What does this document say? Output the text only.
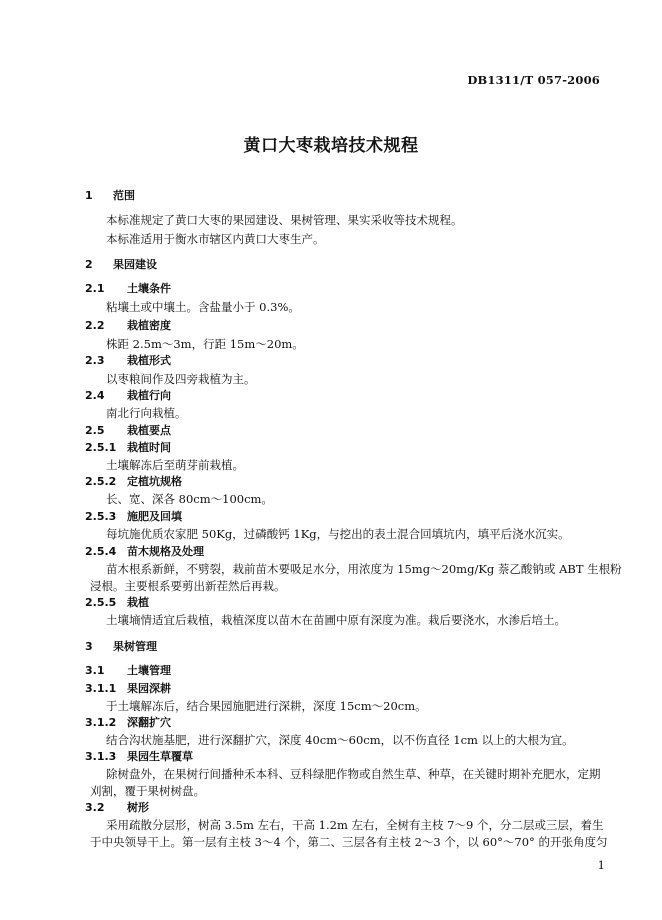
DB1311/T 057-2006
黄口大枣栽培技术规程
1 范围
本标准规定了黄口大枣的果园建设、果树管理、果实采收等技术规程。
本标准适用于衡水市辖区内黄口大枣生产。
2 果园建设
2.1 土壤条件
粘壤土或中壤土。含盐量小于 0.3%。
2.2 栽植密度
株距 2.5m～3m，行距 15m～20m。
2.3 栽植形式
以枣粮间作及四旁栽植为主。
2.4 栽植行向
南北行向栽植。
2.5 栽植要点
2.5.1 栽植时间
土壤解冻后至萌芽前栽植。
2.5.2 定植坑规格
长、宽、深各 80cm～100cm。
2.5.3 施肥及回填
每坑施优质农家肥 50Kg，过磷酸钙 1Kg，与挖出的表土混合回填坑内，填平后浇水沉实。
2.5.4 苗木规格及处理
苗木根系新鲜，不劈裂，栽前苗木要吸足水分，用浓度为 15mg～20mg/Kg 萘乙酸钠或 ABT 生根粉
浸根。主要根系要剪出新茬然后再栽。
2.5.5 栽植
土壤墒情适宜后栽植，栽植深度以苗木在苗圃中原有深度为准。栽后要浇水，水渗后培土。
3 果树管理
3.1 土壤管理
3.1.1 果园深耕
于土壤解冻后，结合果园施肥进行深耕，深度 15cm～20cm。
3.1.2 深翻扩穴
结合沟状施基肥，进行深翻扩穴，深度 40cm～60cm，以不伤直径 1cm 以上的大根为宜。
3.1.3 果园生草覆草
除树盘外，在果树行间播种禾本科、豆科绿肥作物或自然生草、种草，在关键时期补充肥水，定期
刈割，覆于果树树盘。
3.2 树形
采用疏散分层形，树高 3.5m 左右，干高 1.2m 左右，全树有主枝 7～9 个，分二层或三层，着生
于中央领导干上。第一层有主枝 3～4 个，第二、三层各有主枝 2～3 个，以 60°～70° 的开张角度匀
1
